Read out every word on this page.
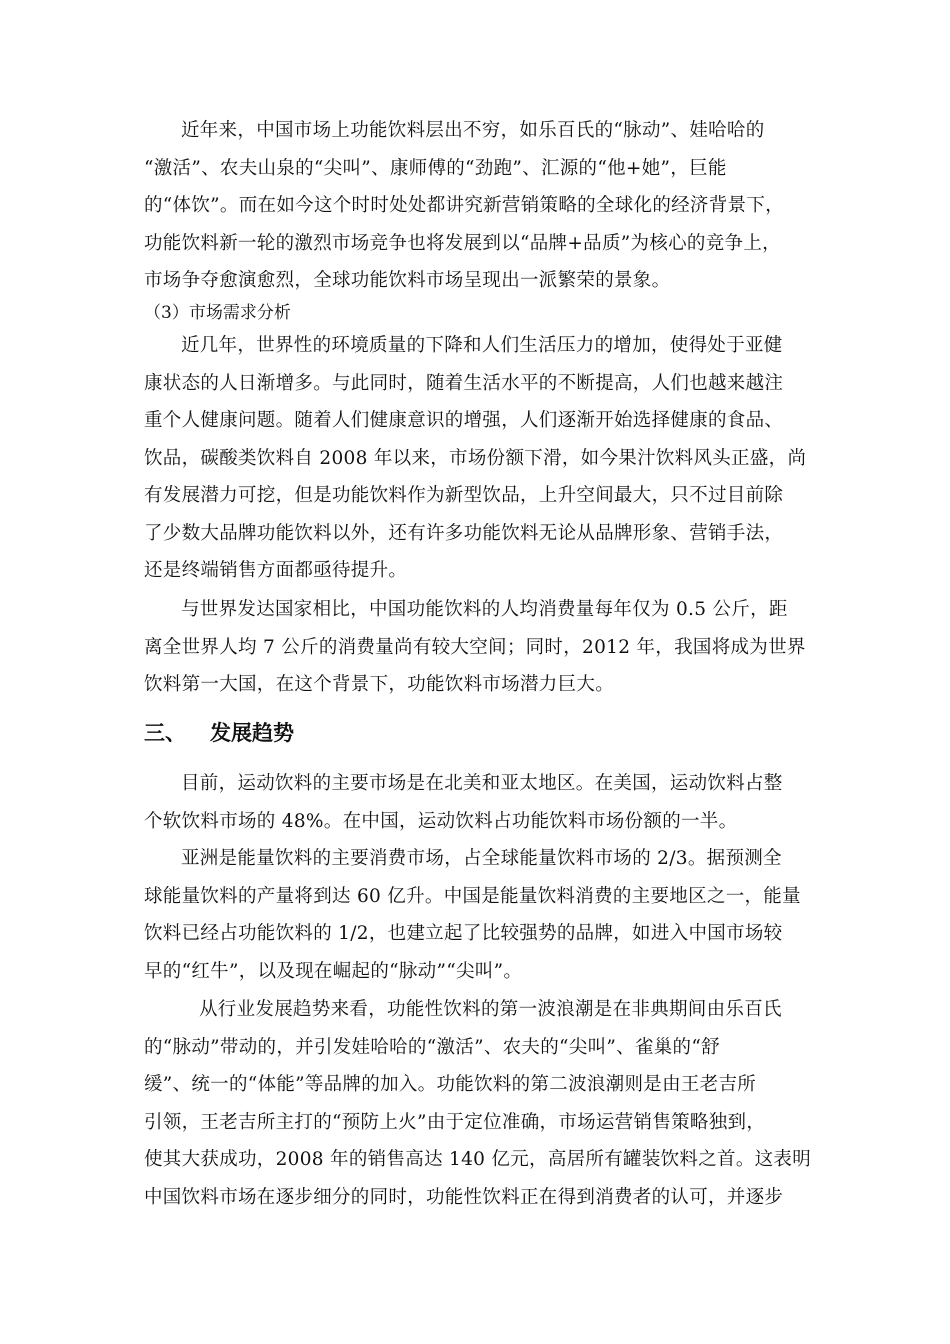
近年来，中国市场上功能饮料层出不穷，如乐百氏的“脉动”、娃哈哈的
“激活”、农夫山泉的“尖叫”、康师傅的“劲跑”、汇源的“他+她”，巨能
的“体饮”。而在如今这个时时处处都讲究新营销策略的全球化的经济背景下，
功能饮料新一轮的激烈市场竞争也将发展到以“品牌+品质”为核心的竞争上，
市场争夺愈演愈烈，全球功能饮料市场呈现出一派繁荣的景象。
（3）市场需求分析
近几年，世界性的环境质量的下降和人们生活压力的增加，使得处于亚健
康状态的人日渐增多。与此同时，随着生活水平的不断提高，人们也越来越注
重个人健康问题。随着人们健康意识的增强，人们逐渐开始选择健康的食品、
饮品，碳酸类饮料自 2008 年以来，市场份额下滑，如今果汁饮料风头正盛，尚
有发展潜力可挖，但是功能饮料作为新型饮品，上升空间最大，只不过目前除
了少数大品牌功能饮料以外，还有许多功能饮料无论从品牌形象、营销手法，
还是终端销售方面都亟待提升。
与世界发达国家相比，中国功能饮料的人均消费量每年仅为 0.5 公斤，距
离全世界人均 7 公斤的消费量尚有较大空间；同时，2012 年，我国将成为世界
饮料第一大国，在这个背景下，功能饮料市场潜力巨大。
三、 发展趋势
目前，运动饮料的主要市场是在北美和亚太地区。在美国，运动饮料占整
个软饮料市场的 48%。在中国，运动饮料占功能饮料市场份额的一半。
亚洲是能量饮料的主要消费市场，占全球能量饮料市场的 2/3。据预测全
球能量饮料的产量将到达 60 亿升。中国是能量饮料消费的主要地区之一，能量
饮料已经占功能饮料的 1/2，也建立起了比较强势的品牌，如进入中国市场较
早的“红牛”，以及现在崛起的“脉动”“尖叫”。
从行业发展趋势来看，功能性饮料的第一波浪潮是在非典期间由乐百氏
的“脉动”带动的，并引发娃哈哈的“激活”、农夫的“尖叫”、雀巢的“舒
缓”、统一的“体能”等品牌的加入。功能饮料的第二波浪潮则是由王老吉所
引领，王老吉所主打的“预防上火”由于定位准确，市场运营销售策略独到，
使其大获成功，2008 年的销售高达 140 亿元，高居所有罐装饮料之首。这表明
中国饮料市场在逐步细分的同时，功能性饮料正在得到消费者的认可，并逐步
